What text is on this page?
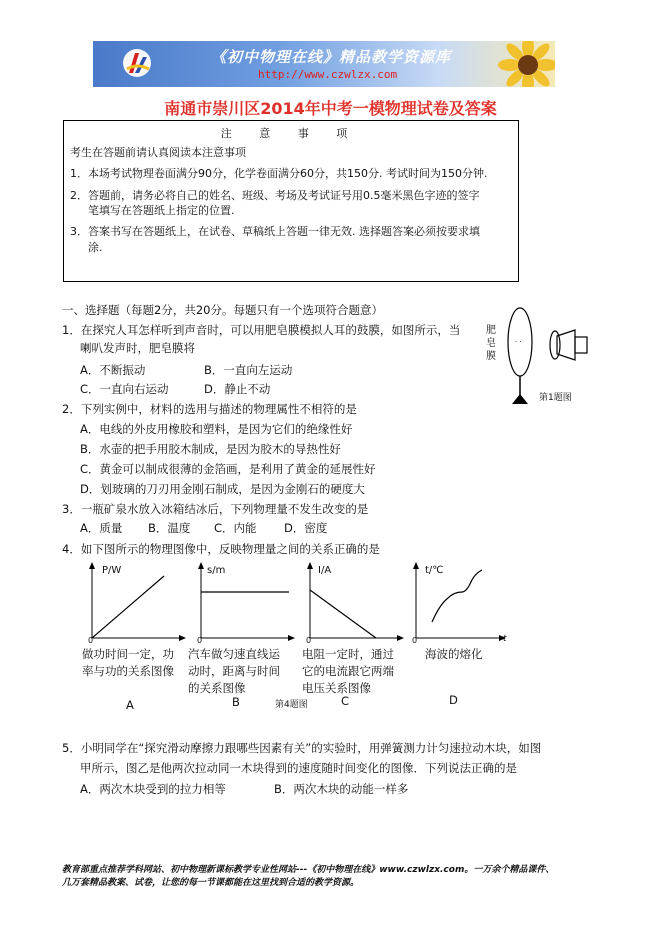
《初中物理在线》精品教学资源库
http://www.czwlzx.com
南通市崇川区2014年中考一模物理试卷及答案
注 意 事 项
考生在答题前请认真阅读本注意事项
1．本场考试物理卷面满分90分，化学卷面满分60分，共150分. 考试时间为150分钟.
2．答题前，请务必将自己的姓名、班级、考场及考试证号用0.5毫米黑色字迹的签字
笔填写在答题纸上指定的位置.
3．答案书写在答题纸上，在试卷、草稿纸上答题一律无效. 选择题答案必须按要求填
涂.
一、选择题（每题2分，共20分。每题只有一个选项符合题意）
1．在探究人耳怎样听到声音时，可以用肥皂膜模拟人耳的鼓膜，如图所示，当
喇叭发声时，肥皂膜将
A．不断振动	B．一直向左运动
C．一直向右运动	D．静止不动
肥皂膜
· ·
第1题图
2．下列实例中，材料的选用与描述的物理属性不相符的是
A．电线的外皮用橡胶和塑料，是因为它们的绝缘性好
B．水壶的把手用胶木制成，是因为胶木的导热性好
C．黄金可以制成很薄的金箔画，是利用了黄金的延展性好
D．划玻璃的刀刃用金刚石制成，是因为金刚石的硬度大
3．一瓶矿泉水放入冰箱结冰后，下列物理量不发生改变的是
A．质量 B．温度 C．内能 D．密度
4．如下图所示的物理图像中，反映物理量之间的关系正确的是
P/W
0
s/m
0
I/A
0
t/℃
0	t
做功时间一定，功
率与功的关系图像
汽车做匀速直线运
动时，距离与时间
的关系图像
电阻一定时，通过
它的电流跟它两端
电压关系图像
海波的熔化
A	B	第4题图	C	D
5．小明同学在“探究滑动摩擦力跟哪些因素有关”的实验时，用弹簧测力计匀速拉动木块，如图
甲所示，图乙是他两次拉动同一木块得到的速度随时间变化的图像．下列说法正确的是
A．两次木块受到的拉力相等	B．两次木块的动能一样多
教育部重点推荐学科网站、初中物理新课标教学专业性网站---《初中物理在线》www.czwlzx.com。一万余个精品课件、
几万套精品教案、试卷，让您的每一节课都能在这里找到合适的教学资源。
